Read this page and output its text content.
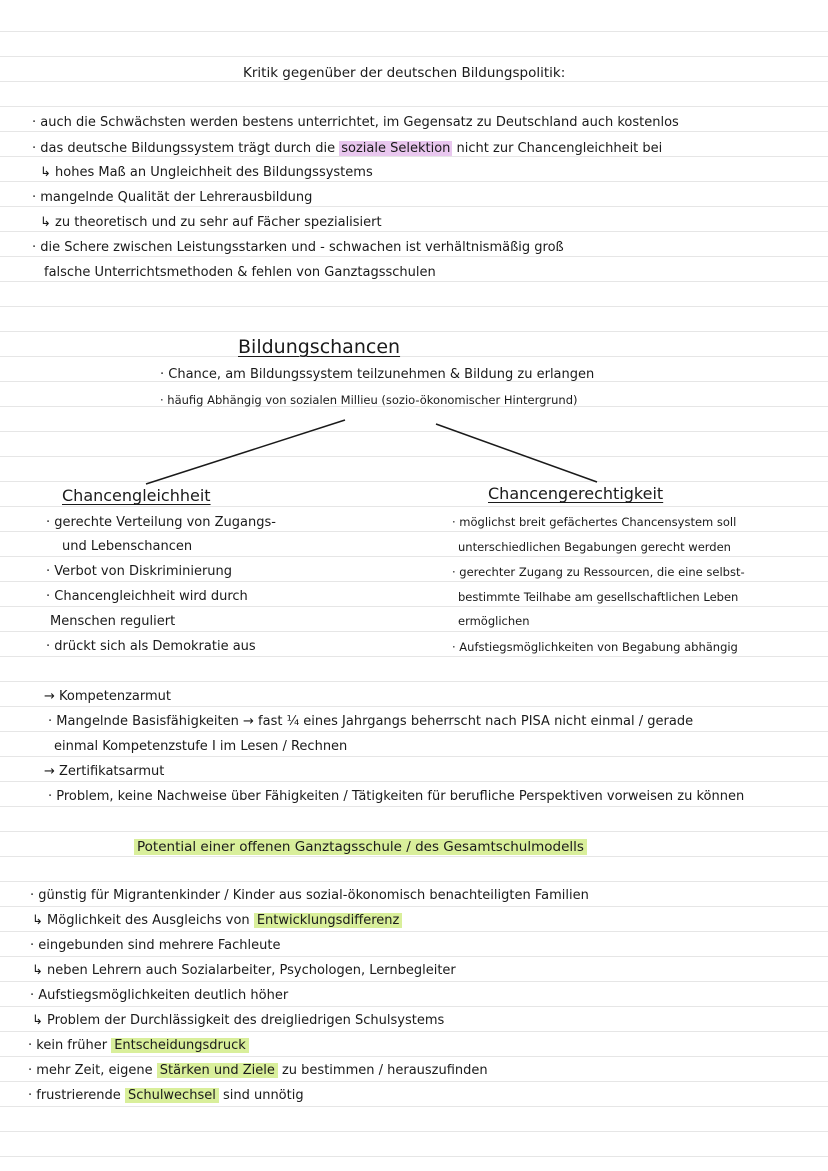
Kritik gegenüber der deutschen Bildungspolitik:
· auch die Schwächsten werden bestens unterrichtet, im Gegensatz zu Deutschland auch kostenlos
· das deutsche Bildungssystem trägt durch die soziale Selektion nicht zur Chancengleichheit bei
↳ hohes Maß an Ungleichheit des Bildungssystems
· mangelnde Qualität der Lehrerausbildung
↳ zu theoretisch und zu sehr auf Fächer spezialisiert
· die Schere zwischen Leistungsstarken und - schwachen ist verhältnismäßig groß
falsche Unterrichtsmethoden & fehlen von Ganztagsschulen
Bildungschancen
· Chance, am Bildungssystem teilzunehmen & Bildung zu erlangen
· häufig Abhängig von sozialen Millieu (sozio-ökonomischer Hintergrund)
Chancengleichheit
· gerechte Verteilung von Zugangs-
und Lebenschancen
· Verbot von Diskriminierung
· Chancengleichheit wird durch
Menschen reguliert
· drückt sich als Demokratie aus
Chancengerechtigkeit
· möglichst breit gefächertes Chancensystem soll
unterschiedlichen Begabungen gerecht werden
· gerechter Zugang zu Ressourcen, die eine selbst-
bestimmte Teilhabe am gesellschaftlichen Leben
ermöglichen
· Aufstiegsmöglichkeiten von Begabung abhängig
→ Kompetenzarmut
· Mangelnde Basisfähigkeiten → fast ¼ eines Jahrgangs beherrscht nach PISA nicht einmal / gerade
einmal Kompetenzstufe I im Lesen / Rechnen
→ Zertifikatsarmut
· Problem, keine Nachweise über Fähigkeiten / Tätigkeiten für berufliche Perspektiven vorweisen zu können
Potential einer offenen Ganztagsschule / des Gesamtschulmodells
· günstig für Migrantenkinder / Kinder aus sozial-ökonomisch benachteiligten Familien
↳ Möglichkeit des Ausgleichs von Entwicklungsdifferenz
· eingebunden sind mehrere Fachleute
↳ neben Lehrern auch Sozialarbeiter, Psychologen, Lernbegleiter
· Aufstiegsmöglichkeiten deutlich höher
↳ Problem der Durchlässigkeit des dreigliedrigen Schulsystems
· kein früher Entscheidungsdruck
· mehr Zeit, eigene Stärken und Ziele zu bestimmen / herauszufinden
· frustrierende Schulwechsel sind unnötig
